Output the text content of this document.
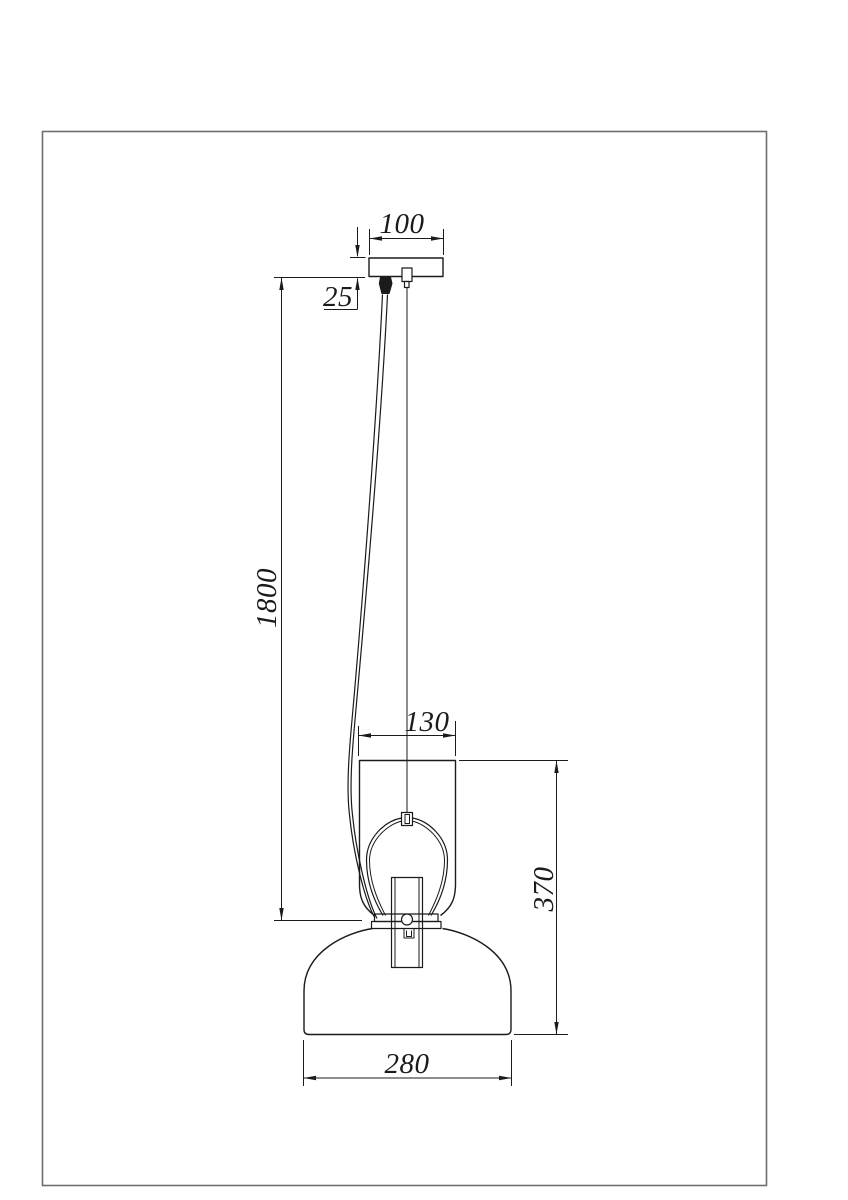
100
25
1800
130
370
280
